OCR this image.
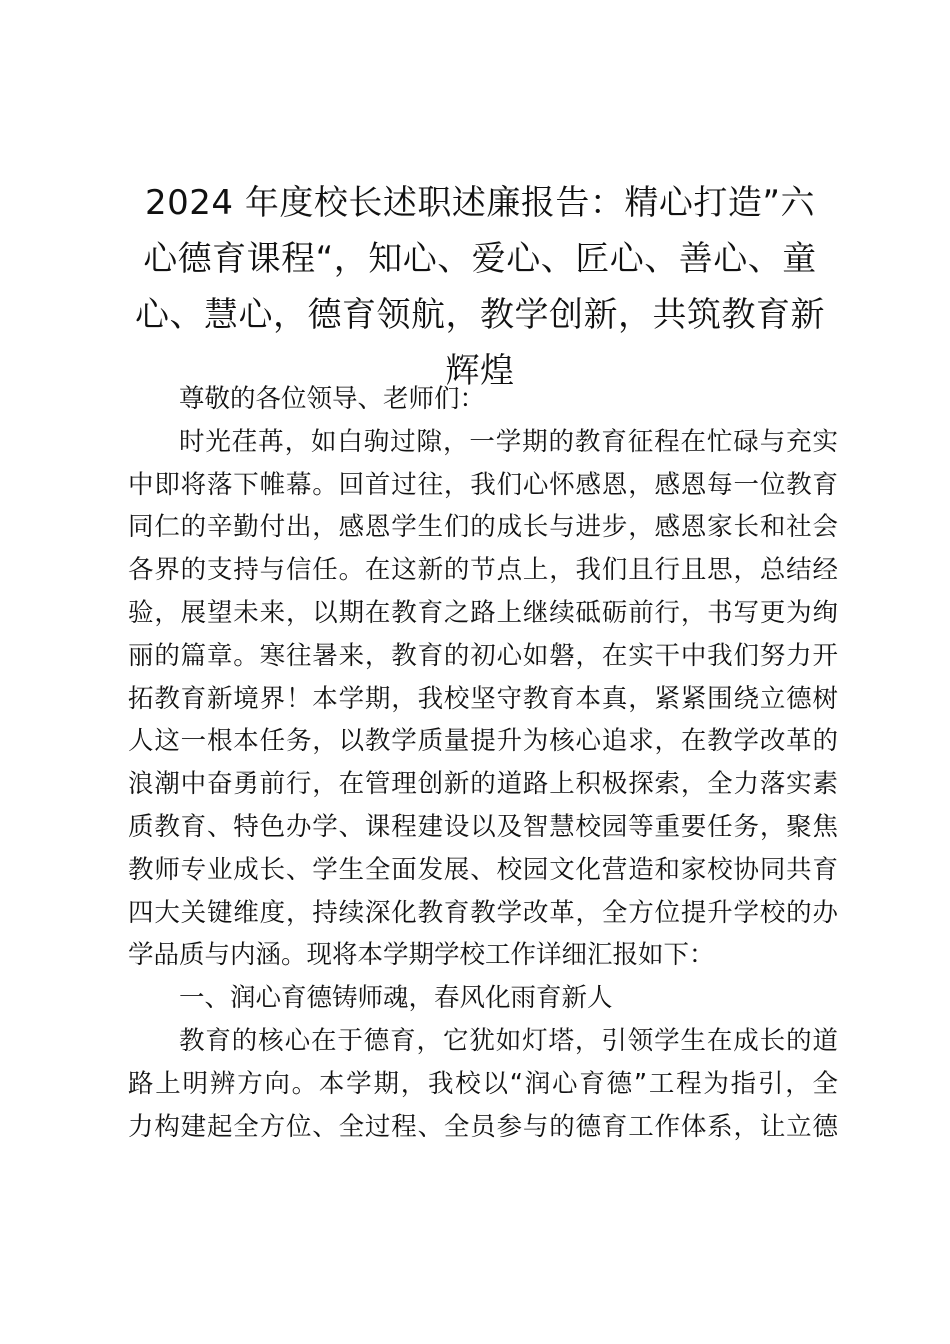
2024 年度校长述职述廉报告：精心打造”六
心德育课程“，知心、爱心、匠心、善心、童
心、慧心，德育领航，教学创新，共筑教育新
辉煌
尊敬的各位领导、老师们：
时光荏苒，如白驹过隙，一学期的教育征程在忙碌与充实
中即将落下帷幕。回首过往，我们心怀感恩，感恩每一位教育
同仁的辛勤付出，感恩学生们的成长与进步，感恩家长和社会
各界的支持与信任。在这新的节点上，我们且行且思，总结经
验，展望未来，以期在教育之路上继续砥砺前行，书写更为绚
丽的篇章。寒往暑来，教育的初心如磐，在实干中我们努力开
拓教育新境界！本学期，我校坚守教育本真，紧紧围绕立德树
人这一根本任务，以教学质量提升为核心追求，在教学改革的
浪潮中奋勇前行，在管理创新的道路上积极探索，全力落实素
质教育、特色办学、课程建设以及智慧校园等重要任务，聚焦
教师专业成长、学生全面发展、校园文化营造和家校协同共育
四大关键维度，持续深化教育教学改革，全方位提升学校的办
学品质与内涵。现将本学期学校工作详细汇报如下：
一、润心育德铸师魂，春风化雨育新人
教育的核心在于德育，它犹如灯塔，引领学生在成长的道
路上明辨方向。本学期，我校以“润心育德”工程为指引，全
力构建起全方位、全过程、全员参与的德育工作体系，让立德
